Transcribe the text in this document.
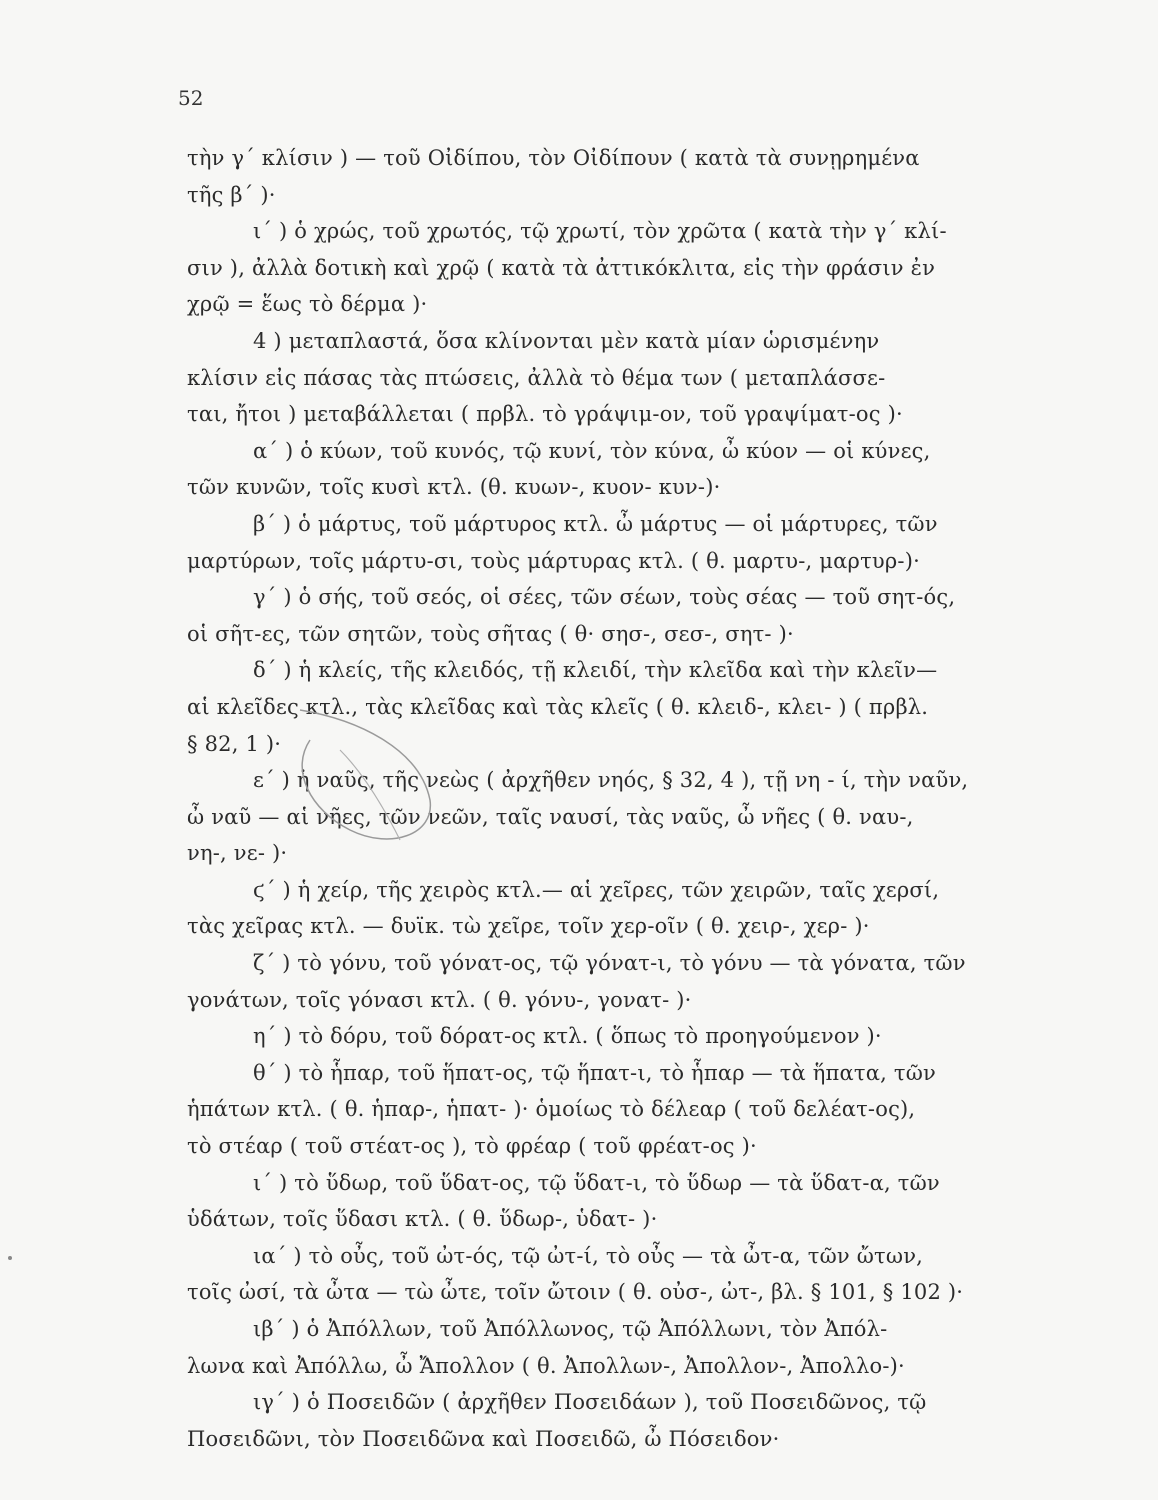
52
τὴν γ΄ κλίσιν ) — τοῦ Οἰδίπου, τὸν Οἰδίπουν ( κατὰ τὰ συνῃρημένα
τῆς β΄ )·
ι΄ ) ὁ χρώς, τοῦ χρωτός, τῷ χρωτί, τὸν χρῶτα ( κατὰ τὴν γ΄ κλί-
σιν ), ἀλλὰ δοτικὴ καὶ χρῷ ( κατὰ τὰ ἀττικόκλιτα, εἰς τὴν φράσιν ἐν
χρῷ = ἕως τὸ δέρμα )·
4 ) μεταπλαστά, ὅσα κλίνονται μὲν κατὰ μίαν ὡρισμένην
κλίσιν εἰς πάσας τὰς πτώσεις, ἀλλὰ τὸ θέμα των ( μεταπλάσσε-
ται, ἤτοι ) μεταβάλλεται ( πρβλ. τὸ γράψιμ-ον, τοῦ γραψίματ-ος )·
α΄ ) ὁ κύων, τοῦ κυνός, τῷ κυνί, τὸν κύνα, ὦ κύον — οἱ κύνες,
τῶν κυνῶν, τοῖς κυσὶ κτλ. (θ. κυων-, κυον- κυν-)·
β΄ ) ὁ μάρτυς, τοῦ μάρτυρος κτλ. ὦ μάρτυς — οἱ μάρτυρες, τῶν
μαρτύρων, τοῖς μάρτυ-σι, τοὺς μάρτυρας κτλ. ( θ. μαρτυ-, μαρτυρ-)·
γ΄ ) ὁ σής, τοῦ σεός, οἱ σέες, τῶν σέων, τοὺς σέας — τοῦ σητ-ός,
οἱ σῆτ-ες, τῶν σητῶν, τοὺς σῆτας ( θ· σησ-, σεσ-, σητ- )·
δ΄ ) ἡ κλείς, τῆς κλειδός, τῇ κλειδί, τὴν κλεῖδα καὶ τὴν κλεῖν—
αἱ κλεῖδες κτλ., τὰς κλεῖδας καὶ τὰς κλεῖς ( θ. κλειδ-, κλει- ) ( πρβλ.
§ 82, 1 )·
ε΄ ) ἡ ναῦς, τῆς νεὼς ( ἀρχῆθεν νηός, § 32, 4 ), τῇ νη - ί, τὴν ναῦν,
ὦ ναῦ — αἱ νῆες, τῶν νεῶν, ταῖς ναυσί, τὰς ναῦς, ὦ νῆες ( θ. ναυ-,
νη-, νε- )·
ϛ΄ ) ἡ χείρ, τῆς χειρὸς κτλ.— αἱ χεῖρες, τῶν χειρῶν, ταῖς χερσί,
τὰς χεῖρας κτλ. — δυϊκ. τὼ χεῖρε, τοῖν χερ-οῖν ( θ. χειρ-, χερ- )·
ζ΄ ) τὸ γόνυ, τοῦ γόνατ-ος, τῷ γόνατ-ι, τὸ γόνυ — τὰ γόνατα, τῶν
γονάτων, τοῖς γόνασι κτλ. ( θ. γόνυ-, γονατ- )·
η΄ ) τὸ δόρυ, τοῦ δόρατ-ος κτλ. ( ὅπως τὸ προηγούμενον )·
θ΄ ) τὸ ἧπαρ, τοῦ ἥπατ-ος, τῷ ἥπατ-ι, τὸ ἧπαρ — τὰ ἥπατα, τῶν
ἡπάτων κτλ. ( θ. ἡπαρ-, ἡπατ- )· ὁμοίως τὸ δέλεαρ ( τοῦ δελέατ-ος),
τὸ στέαρ ( τοῦ στέατ-ος ), τὸ φρέαρ ( τοῦ φρέατ-ος )·
ι΄ ) τὸ ὕδωρ, τοῦ ὕδατ-ος, τῷ ὕδατ-ι, τὸ ὕδωρ — τὰ ὕδατ-α, τῶν
ὑδάτων, τοῖς ὕδασι κτλ. ( θ. ὕδωρ-, ὑδατ- )·
ια΄ ) τὸ οὖς, τοῦ ὠτ-ός, τῷ ὠτ-ί, τὸ οὖς — τὰ ὦτ-α, τῶν ὤτων,
τοῖς ὠσί, τὰ ὦτα — τὼ ὦτε, τοῖν ὤτοιν ( θ. οὐσ-, ὠτ-, βλ. § 101, § 102 )·
ιβ΄ ) ὁ Ἀπόλλων, τοῦ Ἀπόλλωνος, τῷ Ἀπόλλωνι, τὸν Ἀπόλ-
λωνα καὶ Ἀπόλλω, ὦ Ἄπολλον ( θ. Ἀπολλων-, Ἀπολλον-, Ἀπολλο-)·
ιγ΄ ) ὁ Ποσειδῶν ( ἀρχῆθεν Ποσειδάων ), τοῦ Ποσειδῶνος, τῷ
Ποσειδῶνι, τὸν Ποσειδῶνα καὶ Ποσειδῶ, ὦ Πόσειδον·
